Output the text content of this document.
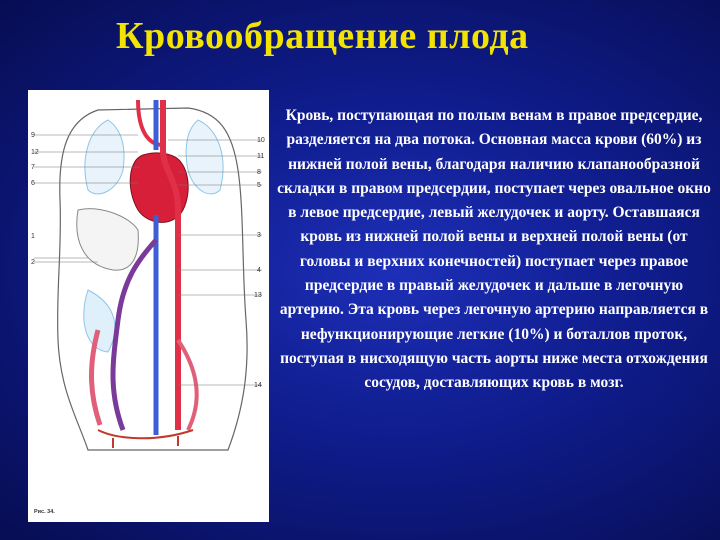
Кровообращение плода
9
12
7
6
1
2
10
11
8
5
3
4
13
14
Рис. 34.

Кровь, поступающая по полым венам в правое предсердие, разделяется на два потока. Основная масса крови (60%) из нижней полой вены, благодаря наличию клапанообразной складки в правом предсердии, поступает через овальное окно в левое предсердие, левый желудочек и аорту. Оставшаяся кровь из нижней полой вены и верхней полой вены (от головы и верхних конечностей) поступает через правое предсердие в правый желудочек и дальше в легочную артерию. Эта кровь через легочную артерию направляется в нефункционирующие легкие (10%) и боталлов проток, поступая в нисходящую часть аорты ниже места отхождения сосудов, доставляющих кровь в мозг.
